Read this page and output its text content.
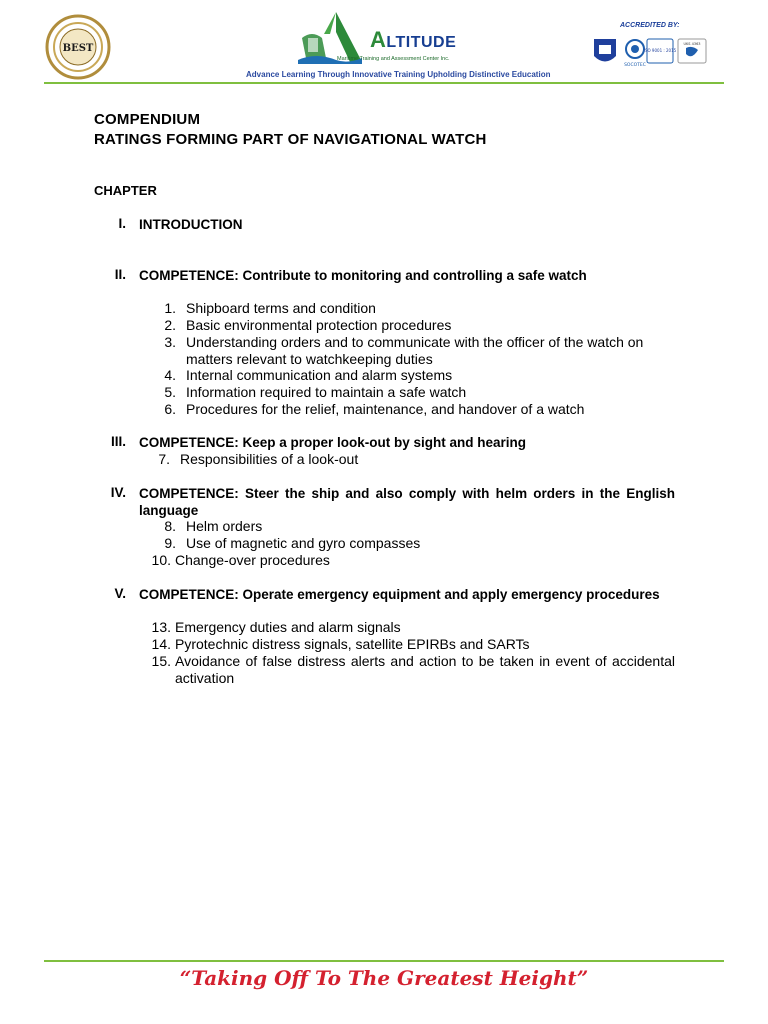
BEST	ALTITUDE
Maritime Training and Assessment Center Inc.
Advance Learning Through Innovative Training Upholding Distinctive Education
ACCREDITED BY:
SOCOTEC
ISO 9001 : 2015
UKS 4363
COMPENDIUM
RATINGS FORMING PART OF NAVIGATIONAL WATCH
CHAPTER
I. INTRODUCTION
II. COMPETENCE: Contribute to monitoring and controlling a safe watch
1. Shipboard terms and condition
2. Basic environmental protection procedures
3. Understanding orders and to communicate with the officer of the watch on matters relevant to watchkeeping duties
4. Internal communication and alarm systems
5. Information required to maintain a safe watch
6. Procedures for the relief, maintenance, and handover of a watch
III. COMPETENCE: Keep a proper look-out by sight and hearing
7. Responsibilities of a look-out
IV. COMPETENCE: Steer the ship and also comply with helm orders in the English language
8. Helm orders
9. Use of magnetic and gyro compasses
10. Change-over procedures
V. COMPETENCE: Operate emergency equipment and apply emergency procedures
13. Emergency duties and alarm signals
14. Pyrotechnic distress signals, satellite EPIRBs and SARTs
15. Avoidance of false distress alerts and action to be taken in event of accidental activation
“Taking Off To The Greatest Height”
